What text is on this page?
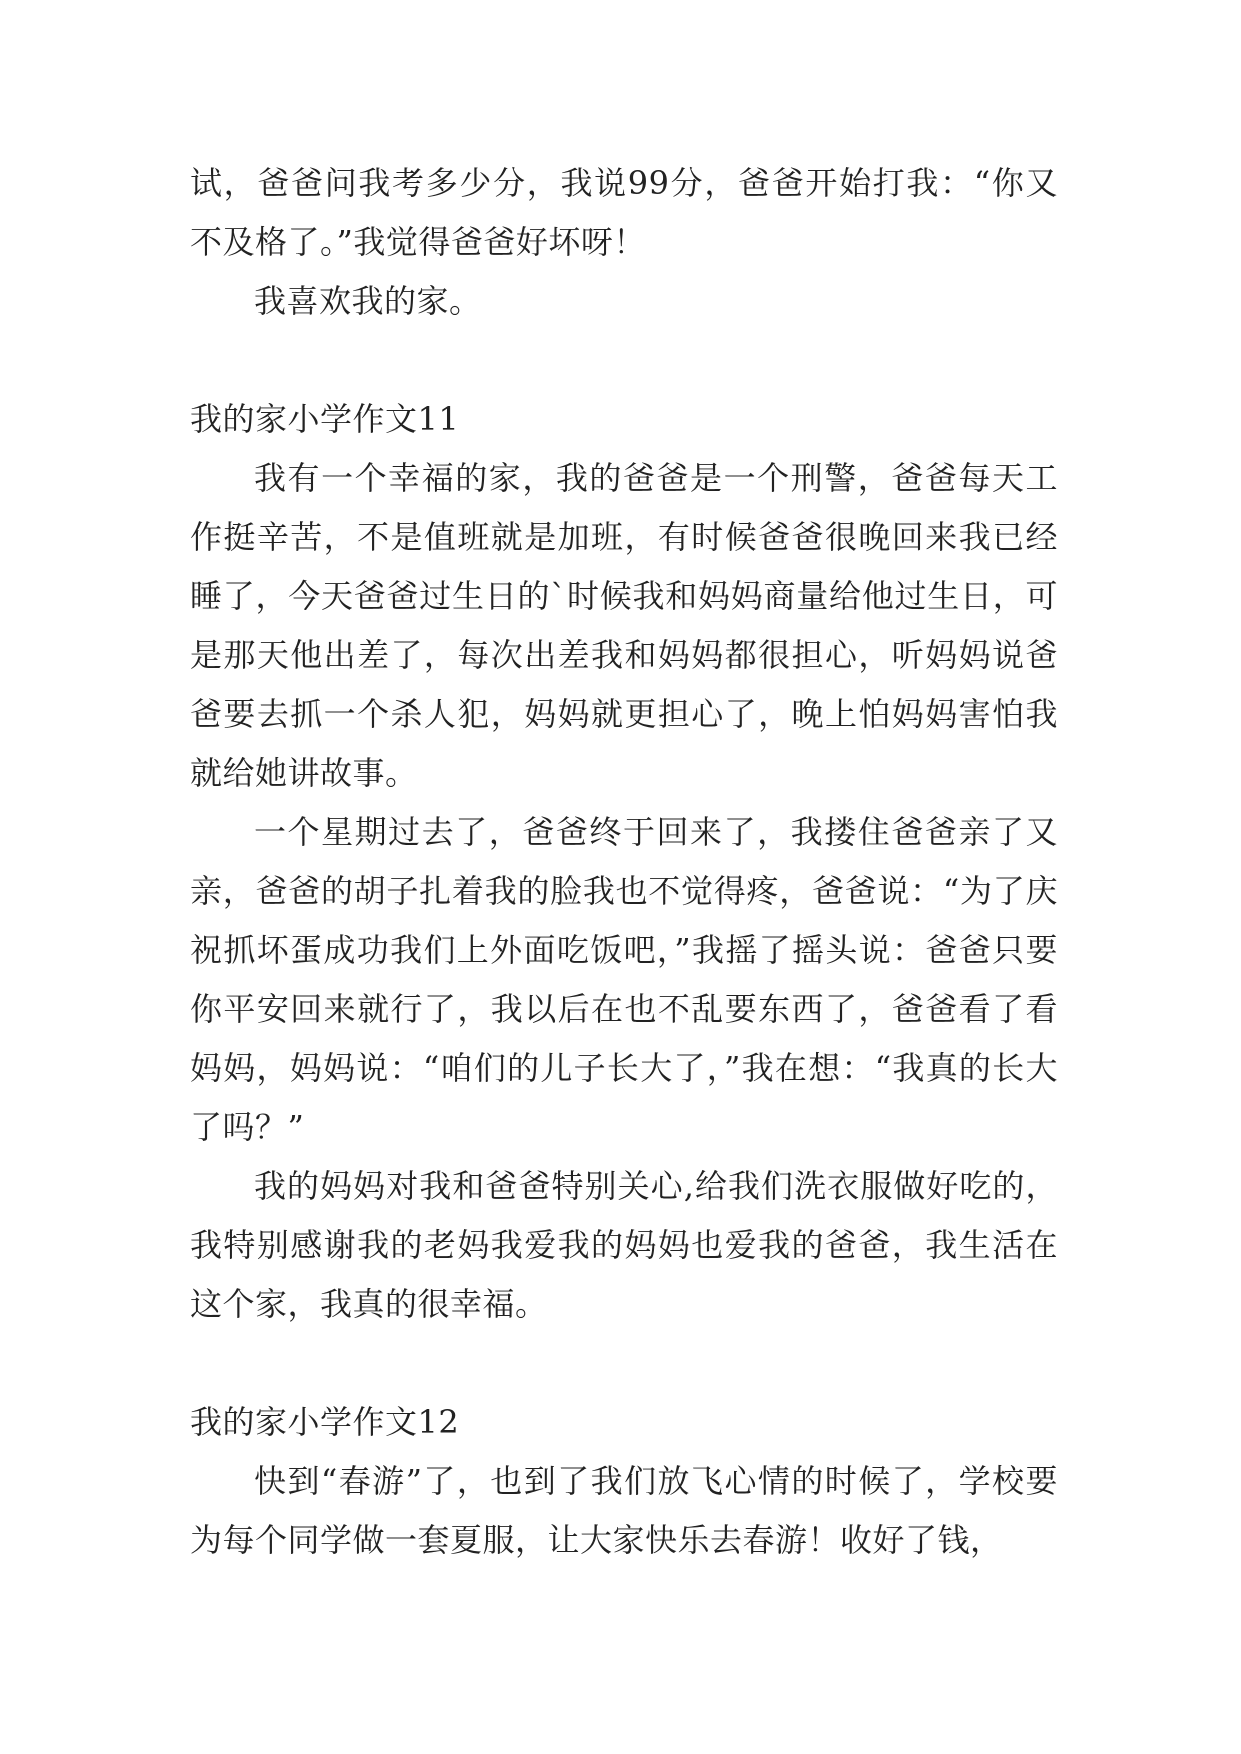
试，爸爸问我考多少分，我说99分，爸爸开始打我：“你又不及格了。”我觉得爸爸好坏呀！

我喜欢我的家。

我的家小学作文11

我有一个幸福的家，我的爸爸是一个刑警，爸爸每天工作挺辛苦，不是值班就是加班，有时候爸爸很晚回来我已经睡了，今天爸爸过生日的`时候我和妈妈商量给他过生日，可是那天他出差了，每次出差我和妈妈都很担心，听妈妈说爸爸要去抓一个杀人犯，妈妈就更担心了，晚上怕妈妈害怕我就给她讲故事。

一个星期过去了，爸爸终于回来了，我搂住爸爸亲了又亲，爸爸的胡子扎着我的脸我也不觉得疼，爸爸说：“为了庆祝抓坏蛋成功我们上外面吃饭吧，”我摇了摇头说：爸爸只要你平安回来就行了，我以后在也不乱要东西了，爸爸看了看妈妈，妈妈说：“咱们的儿子长大了，”我在想：“我真的长大了吗？”

我的妈妈对我和爸爸特别关心,给我们洗衣服做好吃的，我特别感谢我的老妈我爱我的妈妈也爱我的爸爸，我生活在这个家，我真的很幸福。

我的家小学作文12

快到“春游”了，也到了我们放飞心情的时候了，学校要为每个同学做一套夏服，让大家快乐去春游！收好了钱，
